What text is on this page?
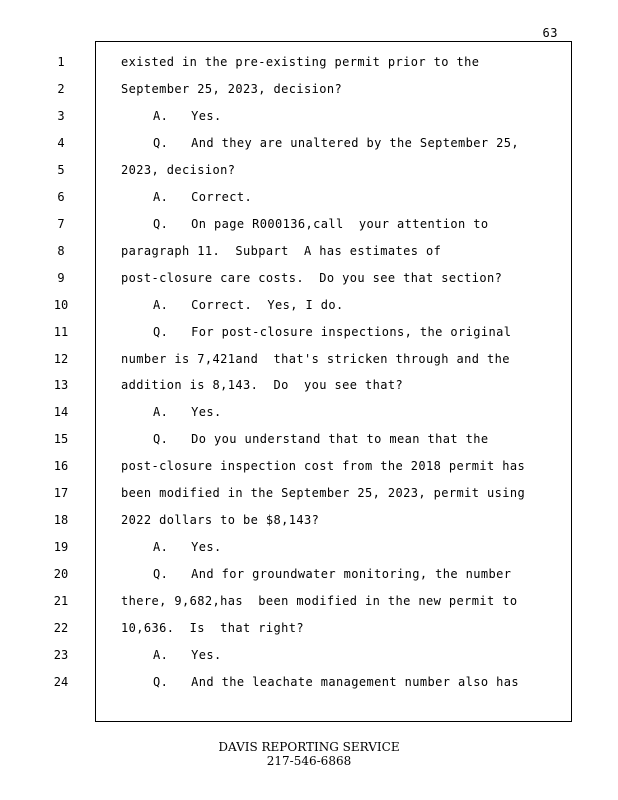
63
1
2
3
4
5
6
7
8
9
10
11
12
13
14
15
16
17
18
19
20
21
22
23
24
existed in the pre-existing permit prior to the
September 25, 2023, decision?
A.   Yes.
Q.   And they are unaltered by the September 25,
2023, decision?
A.   Correct.
Q.   On page R000136,call  your attention to
paragraph 11.  Subpart  A has estimates of
post-closure care costs.  Do you see that section?
A.   Correct.  Yes, I do.
Q.   For post-closure inspections, the original
number is 7,421and  that's stricken through and the
addition is 8,143.  Do  you see that?
A.   Yes.
Q.   Do you understand that to mean that the
post-closure inspection cost from the 2018 permit has
been modified in the September 25, 2023, permit using
2022 dollars to be $8,143?
A.   Yes.
Q.   And for groundwater monitoring, the number
there, 9,682,has  been modified in the new permit to
10,636.  Is  that right?
A.   Yes.
Q.   And the leachate management number also has
DAVIS REPORTING SERVICE
217-546-6868
